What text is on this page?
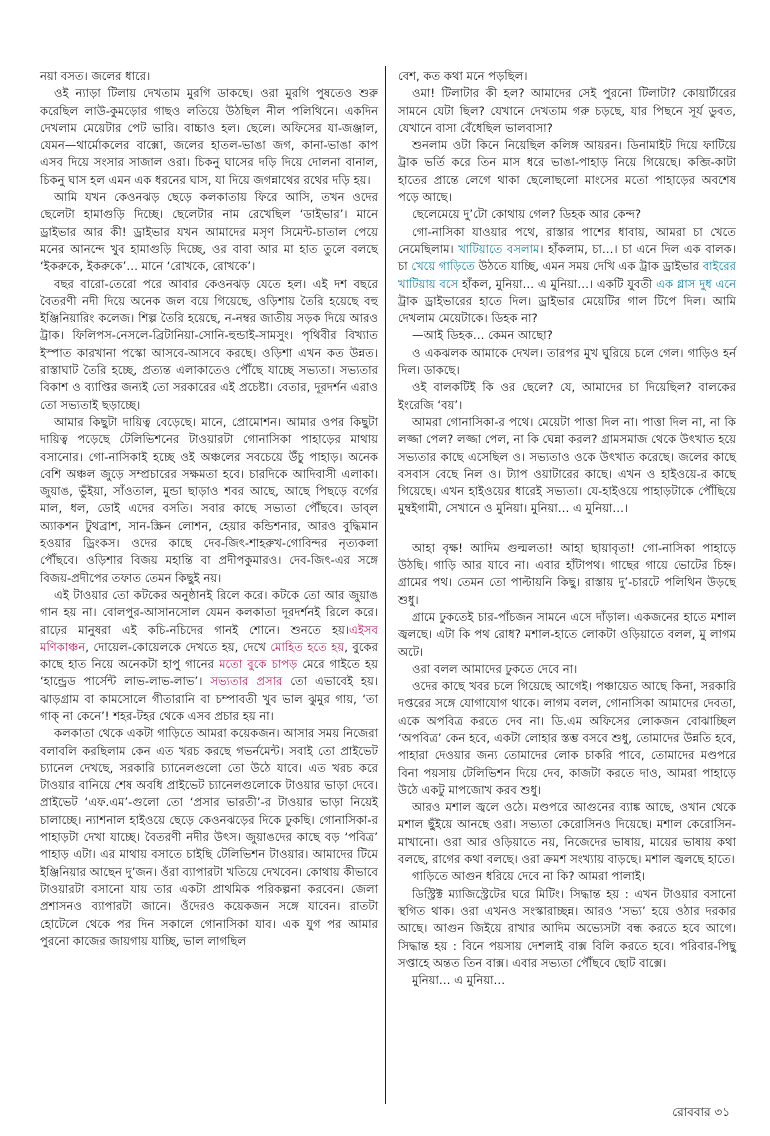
নয়া বসত। জলের ধারে।

ওই ন্যাড়া টিলায় দেখতাম মুরগি ডাকছে। ওরা মুরগি পুষতেও শুরু করেছিল লাউ-কুমড়োর গাছও লতিয়ে উঠছিল নীল পলিথিনে। একদিন দেখলাম মেয়েটার পেট ভারি। বাচ্চাও হল। ছেলে। অফিসের যা-জঞ্জাল, যেমন—থার্মোকলের বাক্সো, জলের হাতল-ভাঙা জগ, কানা-ভাঙা কাপ এসব দিয়ে সংসার সাজাল ওরা। চিকনু ঘাসের দড়ি দিয়ে দোলনা বানাল, চিকনু ঘাস হল এমন এক ধরনের ঘাস, যা দিয়ে জগন্নাথের রথের দড়ি হয়।

আমি যখন কেওনঝড় ছেড়ে কলকাতায় ফিরে আসি, তখন ওদের ছেলেটা হামাগুড়ি দিচ্ছে। ছেলেটার নাম রেখেছিল ‘ডাইভার’। মানে ড্রাইভার আর কী! ড্রাইভার যখন আমাদের মসৃণ সিমেন্ট-চাতাল পেয়ে মনের আনন্দে খুব হামাগুড়ি দিচ্ছে, ওর বাবা আর মা হাত তুলে বলছে ‘ইকরুকে, ইকরুকে’… মানে ‘রোখকে, রোখকে’।

বছর বারো-তেরো পরে আবার কেওনঝড় যেতে হল। এই দশ বছরে বৈতরণী নদী দিয়ে অনেক জল বয়ে গিয়েছে, ওড়িশায় তৈরি হয়েছে বহু ইঞ্জিনিয়ারিং কলেজ। শিল্প তৈরি হয়েছে, ন-নম্বর জাতীয় সড়ক দিয়ে আরও ট্রাক। ফিলিপস-নেসলে-ব্রিটানিয়া-সোনি-হুন্ডাই-সামসুং। পৃথিবীর বিখ্যাত ইস্পাত কারখানা পস্কো আসবে-আসবে করছে। ওড়িশা এখন কত উন্নত। রাস্তাঘাট তৈরি হচ্ছে, প্রত্যন্ত এলাকাতেও পৌঁছে যাচ্ছে সভ্যতা। সভ্যতার বিকাশ ও ব্যাপ্তির জন্যই তো সরকারের এই প্রচেষ্টা। বেতার, দূরদর্শন এরাও তো সভ্যতাই ছড়াচ্ছে।

আমার কিছুটা দায়িত্ব বেড়েছে। মানে, প্রোমোশন। আমার ওপর কিছুটা দায়িত্ব পড়েছে টেলিভিশনের টাওয়ারটা গোনাসিকা পাহাড়ের মাথায় বসানোর। গো-নাসিকাই হচ্ছে ওই অঞ্চলের সবচেয়ে উঁচু পাহাড়। অনেক বেশি অঞ্চল জুড়ে সম্প্রচারের সক্ষমতা হবে। চারদিকে আদিবাসী এলাকা। জুয়াঙ, ভুঁইয়া, সাঁওতাল, মুন্ডা ছাড়াও শবর আছে, আছে পিছড়ে বর্গের মাল, ধল, ডোই এদের বসতি। সবার কাছে সভ্যতা পৌঁছবে। ডাব্‌ল অ্যাকশন টুথব্রাশ, সান-স্ক্রিন লোশন, হেয়ার কন্ডিশনার, আরও বুদ্ধিমান হওয়ার ড্রিংকস। ওদের কাছে দেব-জিৎ-শাহরুখ-গোবিন্দর নৃত্যকলা পৌঁছবে। ওড়িশার বিজয় মহান্তি বা প্রদীপকুমারও। দেব-জিৎ-এর সঙ্গে বিজয়-প্রদীপের তফাত তেমন কিছুই নয়।

এই টাওয়ার তো কটকের অনুষ্ঠানই রিলে করে। কটকে তো আর জুয়াঙ গান হয় না। বোলপুর-আসানসোল যেমন কলকাতা দূরদর্শনই রিলে করে। রাঢ়ের মানুষরা এই কচি-নচিদের গানই শোনে। শুনতে হয়।এইসব মণিকাঞ্চন, দোয়েল-কোয়েলকে দেখতে হয়, দেখে মোহিত হতে হয়, বুকের কাছে হাত নিয়ে অনেকটা হাপু গানের মতো বুকে চাপড় মেরে গাইতে হয় ‘হান্ড্রেড পার্সেন্ট লাভ-লাভ-লাভ’। সভ্যতার প্রসার তো এভাবেই হয়। ঝাড়গ্রাম বা কামসোলে গীতারানি বা চম্পাবতী খুব ভাল ঝুমুর গায়, ‘তা গাক্‌ না কেনে’! শহর-টহর থেকে এসব প্রচার হয় না।

কলকাতা থেকে একটা গাড়িতে আমরা কয়েকজন। আসার সময় নিজেরা বলাবলি করছিলাম কেন এত খরচ করছে গভর্নমেন্ট। সবাই তো প্রাইভেট চ্যানেল দেখছে, সরকারি চ্যানেলগুলো তো উঠে যাবে। এত খরচ করে টাওয়ার বানিয়ে শেষ অবধি প্রাইভেট চ্যানেলগুলোকে টাওয়ার ভাড়া দেবে। প্রাইভেট ‘এফ.এম’-গুলো তো ‘প্রসার ভারতী’-র টাওয়ার ভাড়া নিয়েই চালাচ্ছে। ন্যাশনাল হাইওয়ে ছেড়ে কেওনঝড়ের দিকে ঢুকছি। গোনাসিকা-র পাহাড়টা দেখা যাচ্ছে। বৈতরণী নদীর উৎস। জুয়াঙদের কাছে বড় ‘পবিত্র’ পাহাড় এটা। এর মাথায় বসাতে চাইছি টেলিভিশন টাওয়ার। আমাদের টিমে ইঞ্জিনিয়ার আছেন দু’জন। ওঁরা ব্যাপারটা খতিয়ে দেখবেন। কোথায় কীভাবে টাওয়ারটা বসানো যায় তার একটা প্রাথমিক পরিকল্পনা করবেন। জেলা প্রশাসনও ব্যাপারটা জানে। ওঁদেরও কয়েকজন সঙ্গে যাবেন। রাতটা হোটেলে থেকে পর দিন সকালে গোনাসিকা যাব। এক যুগ পর আমার পুরনো কাজের জায়গায় যাচ্ছি, ভাল লাগছিল

বেশ, কত কথা মনে পড়ছিল।

ওমা! টিলাটার কী হল? আমাদের সেই পুরনো টিলাটা? কোয়ার্টারের সামনে যেটা ছিল? যেখানে দেখতাম গরু চড়ছে, যার পিছনে সূর্য ডুবত, যেখানে বাসা বেঁধেছিল ভালবাসা?

শুনলাম ওটা কিনে নিয়েছিল কলিঙ্গ আয়রন। ডিনামাইট দিয়ে ফাটিয়ে ট্রাক ভর্তি করে তিন মাস ধরে ভাঙা-পাহাড় নিয়ে গিয়েছে। কব্জি-কাটা হাতের প্রান্তে লেগে থাকা ছেলোছলো মাংসের মতো পাহাড়ের অবশেষ পড়ে আছে।

ছেলেমেয়ে দু’টো কোথায় গেল? ডিহক আর কেন্দ?

গো-নাসিকা যাওয়ার পথে, রাস্তার পাশের ধাবায়, আমরা চা খেতে নেমেছিলাম। খাটিয়াতে বসলাম। হাঁকলাম, চা…। চা এনে দিল এক বালক। চা খেয়ে গাড়িতে উঠতে যাচ্ছি, এমন সময় দেখি এক ট্রাক ড্রাইভার বাইরের খাটিয়ায় বসে হাঁকল, মুনিয়া… এ মুনিয়া…। একটি যুবতী এক গ্লাস দুধ এনে ট্রাক ড্রাইভারের হাতে দিল। ড্রাইভার মেয়েটির গাল টিপে দিল। আমি দেখলাম মেয়েটাকে। ডিহক না?

—আই ডিহক… কেমন আছো?

ও একঝলক আমাকে দেখল। তারপর মুখ ঘুরিয়ে চলে গেল। গাড়িও হর্ন দিল। ডাকছে।

ওই বালকটিই কি ওর ছেলে? যে, আমাদের চা দিয়েছিল? বালকের ইংরেজি ‘বয়’।

আমরা গোনাসিকা-র পথে। মেয়েটা পাত্তা দিল না। পাত্তা দিল না, না কি লজ্জা পেল? লজ্জা পেল, না কি ঘেন্না করল? গ্রামসমাজ থেকে উৎখাত হয়ে সভ্যতার কাছে এসেছিল ও। সভ্যতাও ওকে উৎখাত করেছে। জলের কাছে বসবাস বেছে নিল ও। ট্যাপ ওয়াটারের কাছে। এখন ও হাইওয়ে-র কাছে গিয়েছে। এখন হাইওয়ের ধারেই সভ্যতা। যে-হাইওয়ে পাহাড়টাকে পৌঁছিয়ে মুম্বইগামী, সেখানে ও মুনিয়া। মুনিয়া… এ মুনিয়া…।

আহা বৃক্ষ! আদিম গুল্মলতা! আহা ছায়াবৃতা! গো-নাসিকা পাহাড়ে উঠছি। গাড়ি আর যাবে না। এবার হাঁটাপথ। গাছের গায়ে ভোটের চিহ্ন। গ্রামের পথ। তেমন তো পাল্টায়নি কিছু। রাস্তায় দু’-চারটে পলিথিন উড়ছে শুধু।

গ্রামে ঢুকতেই চার-পাঁচজন সামনে এসে দাঁড়াল। একজনের হাতে মশাল জ্বলছে। এটা কি পথ রোধ? মশাল-হাতে লোকটা ওড়িয়াতে বলল, মু লাগম অটে।

ওরা বলল আমাদের ঢুকতে দেবে না।

ওদের কাছে খবর চলে গিয়েছে আগেই। পঞ্চায়েত আছে কিনা, সরকারি দপ্তরের সঙ্গে যোগাযোগ থাকে। লাগম বলল, গোনাসিকা আমাদের দেবতা, একে অপবিত্র করতে দেব না। ডি.এম অফিসের লোকজন বোঝাচ্ছিল ‘অপবিত্র’ কেন হবে, একটা লোহার স্তম্ভ বসবে শুধু, তোমাদের উন্নতি হবে, পাহারা দেওয়ার জন্য তোমাদের লোক চাকরি পাবে, তোমাদের মণ্ডপরে বিনা পয়সায় টেলিভিশন দিয়ে দেব, কাজটা করতে দাও, আমরা পাহাড়ে উঠে একটু মাপজোখ করব শুধু।

আরও মশাল জ্বলে ওঠে। মণ্ডপরে আগুনের ব্যাঙ্ক আছে, ওখান থেকে মশাল ছুঁইয়ে আনছে ওরা। সভ্যতা কেরোসিনও দিয়েছে। মশাল কেরোসিন-মাখানো। ওরা আর ওড়িয়াতে নয়, নিজেদের ভাষায়, মায়ের ভাষায় কথা বলছে, রাগের কথা বলছে। ওরা ক্রমশ সংখ্যায় বাড়ছে। মশাল জ্বলছে হাতে।

গাড়িতে আগুন ধরিয়ে দেবে না কি? আমরা পালাই।

ডিস্ট্রিক্ট ম্যাজিস্ট্রেটের ঘরে মিটিং। সিদ্ধান্ত হয় : এখন টাওয়ার বসানো স্থগিত থাক। ওরা এখনও সংস্কারাচ্ছন্ন। আরও ‘সভ্য’ হয়ে ওঠার দরকার আছে। আগুন জিইয়ে রাখার আদিম অভ্যেসটা বন্ধ করতে হবে আগে। সিদ্ধান্ত হয় : বিনে পয়সায় দেশলাই বাক্স বিলি করতে হবে। পরিবার-পিছু সপ্তাহে অন্তত তিন বাক্স। এবার সভ্যতা পৌঁছবে ছোট বাক্সে।

মুনিয়া… এ মুনিয়া…

রোববার ৩১
